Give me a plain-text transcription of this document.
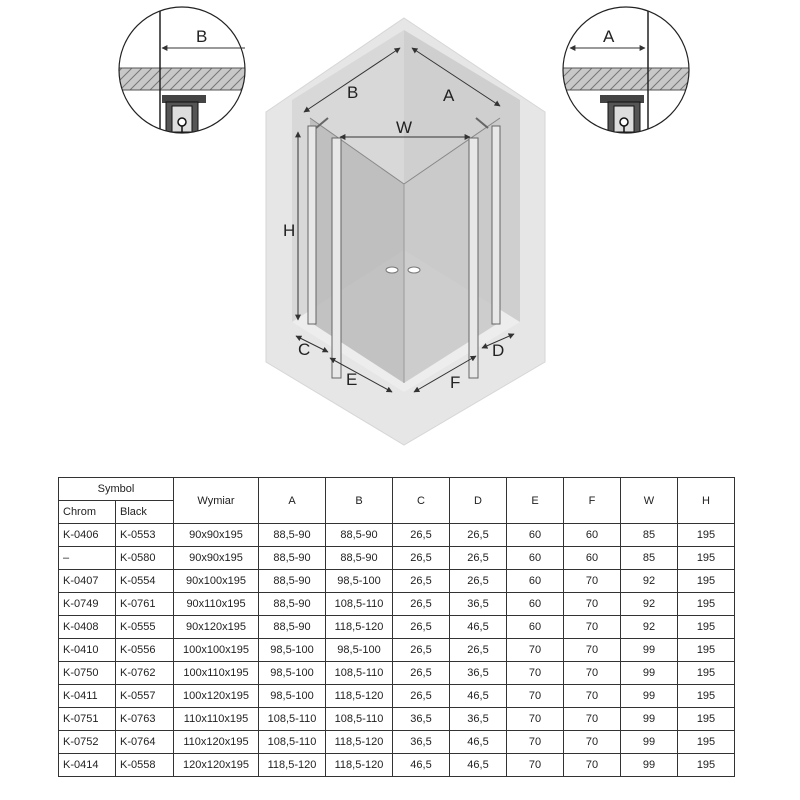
B	A
B	A
W
H
C	D
E	F
Symbol		Wymiar	A	B	C	D	E	F	W	H
Chrom	Black									
K-0406	K-0553	90x90x195	88,5-90	88,5-90	26,5	26,5	60	60	85	195
–	K-0580	90x90x195	88,5-90	88,5-90	26,5	26,5	60	60	85	195
K-0407	K-0554	90x100x195	88,5-90	98,5-100	26,5	26,5	60	70	92	195
K-0749	K-0761	90x110x195	88,5-90	108,5-110	26,5	36,5	60	70	92	195
K-0408	K-0555	90x120x195	88,5-90	118,5-120	26,5	46,5	60	70	92	195
K-0410	K-0556	100x100x195	98,5-100	98,5-100	26,5	26,5	70	70	99	195
K-0750	K-0762	100x110x195	98,5-100	108,5-110	26,5	36,5	70	70	99	195
K-0411	K-0557	100x120x195	98,5-100	118,5-120	26,5	46,5	70	70	99	195
K-0751	K-0763	110x110x195	108,5-110	108,5-110	36,5	36,5	70	70	99	195
K-0752	K-0764	110x120x195	108,5-110	118,5-120	36,5	46,5	70	70	99	195
K-0414	K-0558	120x120x195	118,5-120	118,5-120	46,5	46,5	70	70	99	195
